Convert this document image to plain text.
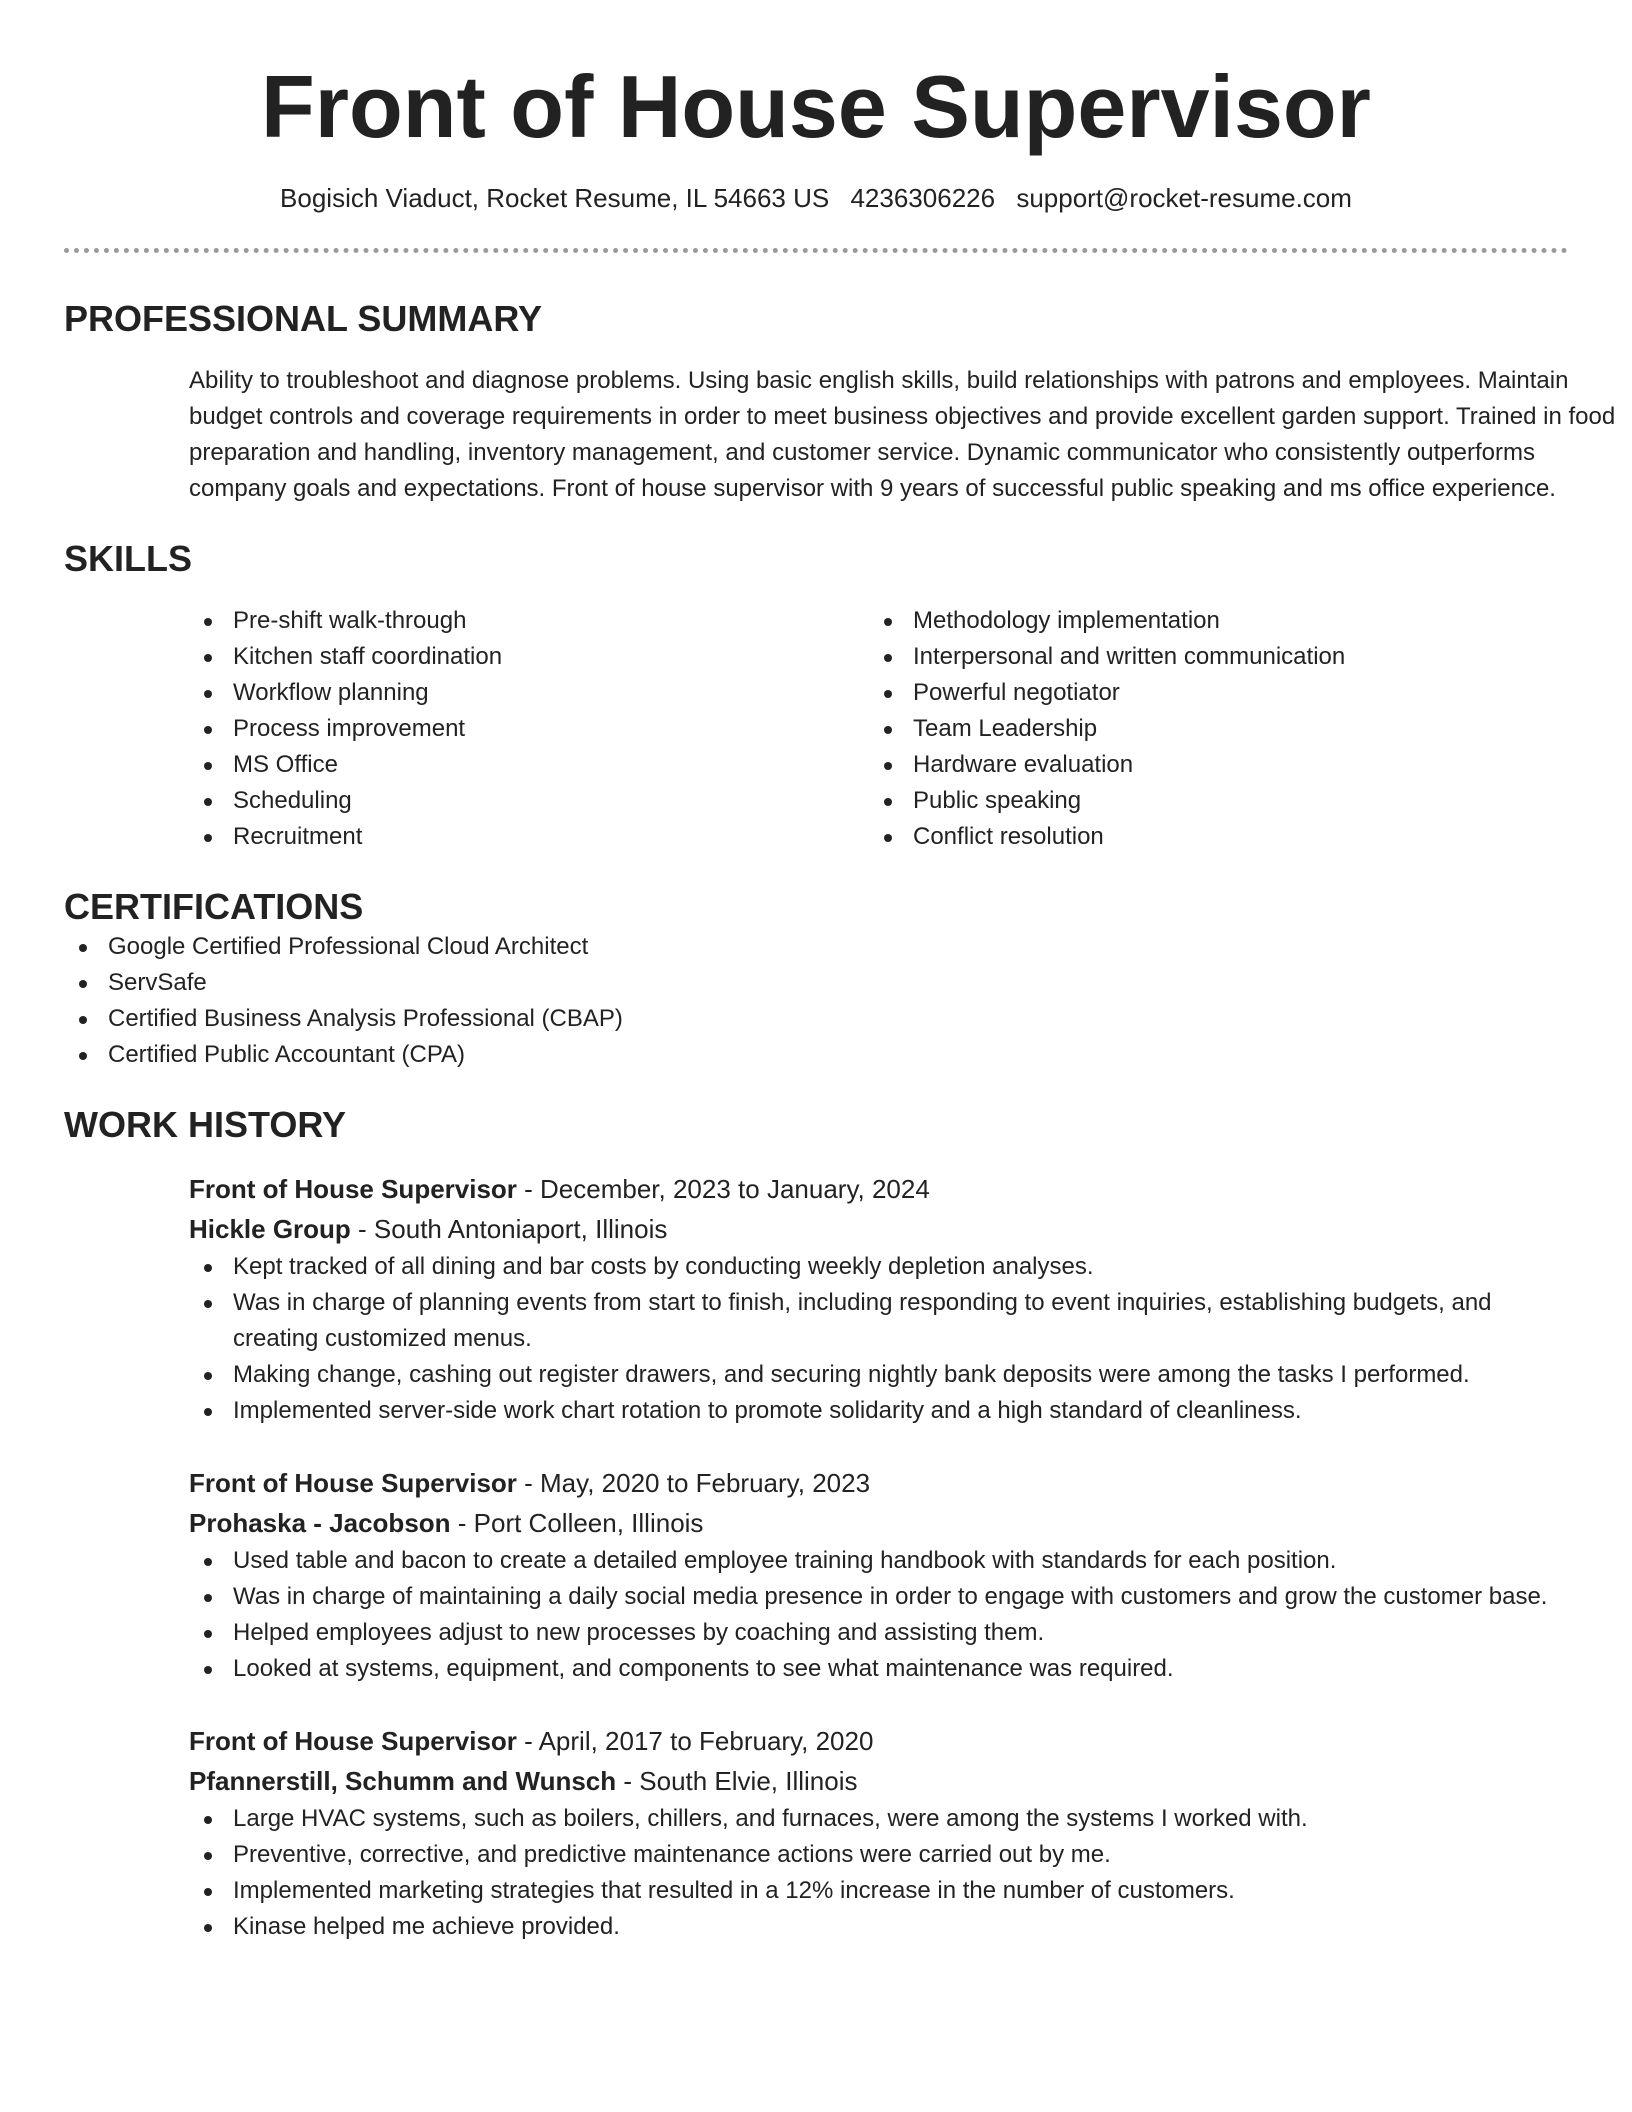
Front of House Supervisor
Bogisich Viaduct, Rocket Resume, IL 54663 US 4236306226 support@rocket-resume.com
PROFESSIONAL SUMMARY

Ability to troubleshoot and diagnose problems. Using basic english skills, build relationships with patrons and employees. Maintain budget controls and coverage requirements in order to meet business objectives and provide excellent garden support. Trained in food preparation and handling, inventory management, and customer service. Dynamic communicator who consistently outperforms company goals and expectations. Front of house supervisor with 9 years of successful public speaking and ms office experience.

SKILLS
Pre-shift walk-through
Kitchen staff coordination
Workflow planning
Process improvement
MS Office
Scheduling
Recruitment
Methodology implementation
Interpersonal and written communication
Powerful negotiator
Team Leadership
Hardware evaluation
Public speaking
Conflict resolution
CERTIFICATIONS
Google Certified Professional Cloud Architect
ServSafe
Certified Business Analysis Professional (CBAP)
Certified Public Accountant (CPA)
WORK HISTORY
Front of House Supervisor - December, 2023 to January, 2024
Hickle Group - South Antoniaport, Illinois
Kept tracked of all dining and bar costs by conducting weekly depletion analyses.
Was in charge of planning events from start to finish, including responding to event inquiries, establishing budgets, and creating customized menus.
Making change, cashing out register drawers, and securing nightly bank deposits were among the tasks I performed.
Implemented server-side work chart rotation to promote solidarity and a high standard of cleanliness.
Front of House Supervisor - May, 2020 to February, 2023
Prohaska - Jacobson - Port Colleen, Illinois
Used table and bacon to create a detailed employee training handbook with standards for each position.
Was in charge of maintaining a daily social media presence in order to engage with customers and grow the customer base.
Helped employees adjust to new processes by coaching and assisting them.
Looked at systems, equipment, and components to see what maintenance was required.
Front of House Supervisor - April, 2017 to February, 2020
Pfannerstill, Schumm and Wunsch - South Elvie, Illinois
Large HVAC systems, such as boilers, chillers, and furnaces, were among the systems I worked with.
Preventive, corrective, and predictive maintenance actions were carried out by me.
Implemented marketing strategies that resulted in a 12% increase in the number of customers.
Kinase helped me achieve provided.
